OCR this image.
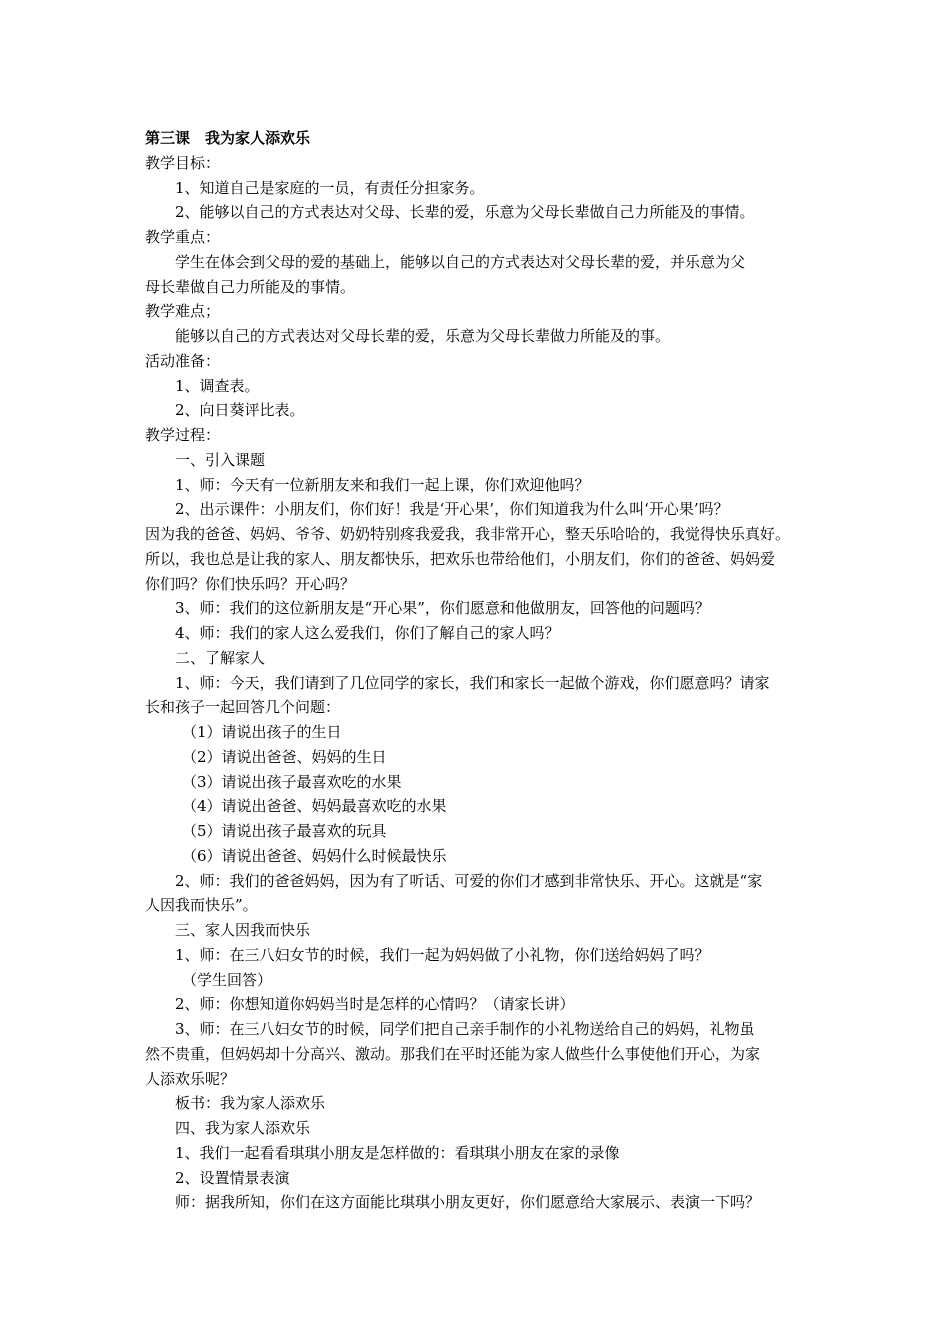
第三课　我为家人添欢乐
教学目标：
1、知道自己是家庭的一员，有责任分担家务。
2、能够以自己的方式表达对父母、长辈的爱，乐意为父母长辈做自己力所能及的事情。
教学重点：
学生在体会到父母的爱的基础上，能够以自己的方式表达对父母长辈的爱，并乐意为父
母长辈做自己力所能及的事情。
教学难点；
能够以自己的方式表达对父母长辈的爱，乐意为父母长辈做力所能及的事。
活动准备：
1、调查表。
2、向日葵评比表。
教学过程：
一、引入课题
1、师：今天有一位新朋友来和我们一起上课，你们欢迎他吗？
2、出示课件：小朋友们，你们好！我是‘开心果’，你们知道我为什么叫‘开心果’吗？
因为我的爸爸、妈妈、爷爷、奶奶特别疼我爱我，我非常开心，整天乐哈哈的，我觉得快乐真好。
所以，我也总是让我的家人、朋友都快乐，把欢乐也带给他们，小朋友们，你们的爸爸、妈妈爱
你们吗？你们快乐吗？开心吗？
3、师：我们的这位新朋友是“开心果”，你们愿意和他做朋友，回答他的问题吗？
4、师：我们的家人这么爱我们，你们了解自己的家人吗？
二、了解家人
1、师：今天，我们请到了几位同学的家长，我们和家长一起做个游戏，你们愿意吗？请家
长和孩子一起回答几个问题：
（1）请说出孩子的生日
（2）请说出爸爸、妈妈的生日
（3）请说出孩子最喜欢吃的水果
（4）请说出爸爸、妈妈最喜欢吃的水果
（5）请说出孩子最喜欢的玩具
（6）请说出爸爸、妈妈什么时候最快乐
2、师：我们的爸爸妈妈，因为有了听话、可爱的你们才感到非常快乐、开心。这就是“家
人因我而快乐”。
三、家人因我而快乐
1、师：在三八妇女节的时候，我们一起为妈妈做了小礼物，你们送给妈妈了吗？
（学生回答）
2、师：你想知道你妈妈当时是怎样的心情吗？（请家长讲）
3、师：在三八妇女节的时候，同学们把自己亲手制作的小礼物送给自己的妈妈，礼物虽
然不贵重，但妈妈却十分高兴、激动。那我们在平时还能为家人做些什么事使他们开心，为家
人添欢乐呢？
板书：我为家人添欢乐
四、我为家人添欢乐
1、我们一起看看琪琪小朋友是怎样做的：看琪琪小朋友在家的录像
2、设置情景表演
师：据我所知，你们在这方面能比琪琪小朋友更好，你们愿意给大家展示、表演一下吗？
